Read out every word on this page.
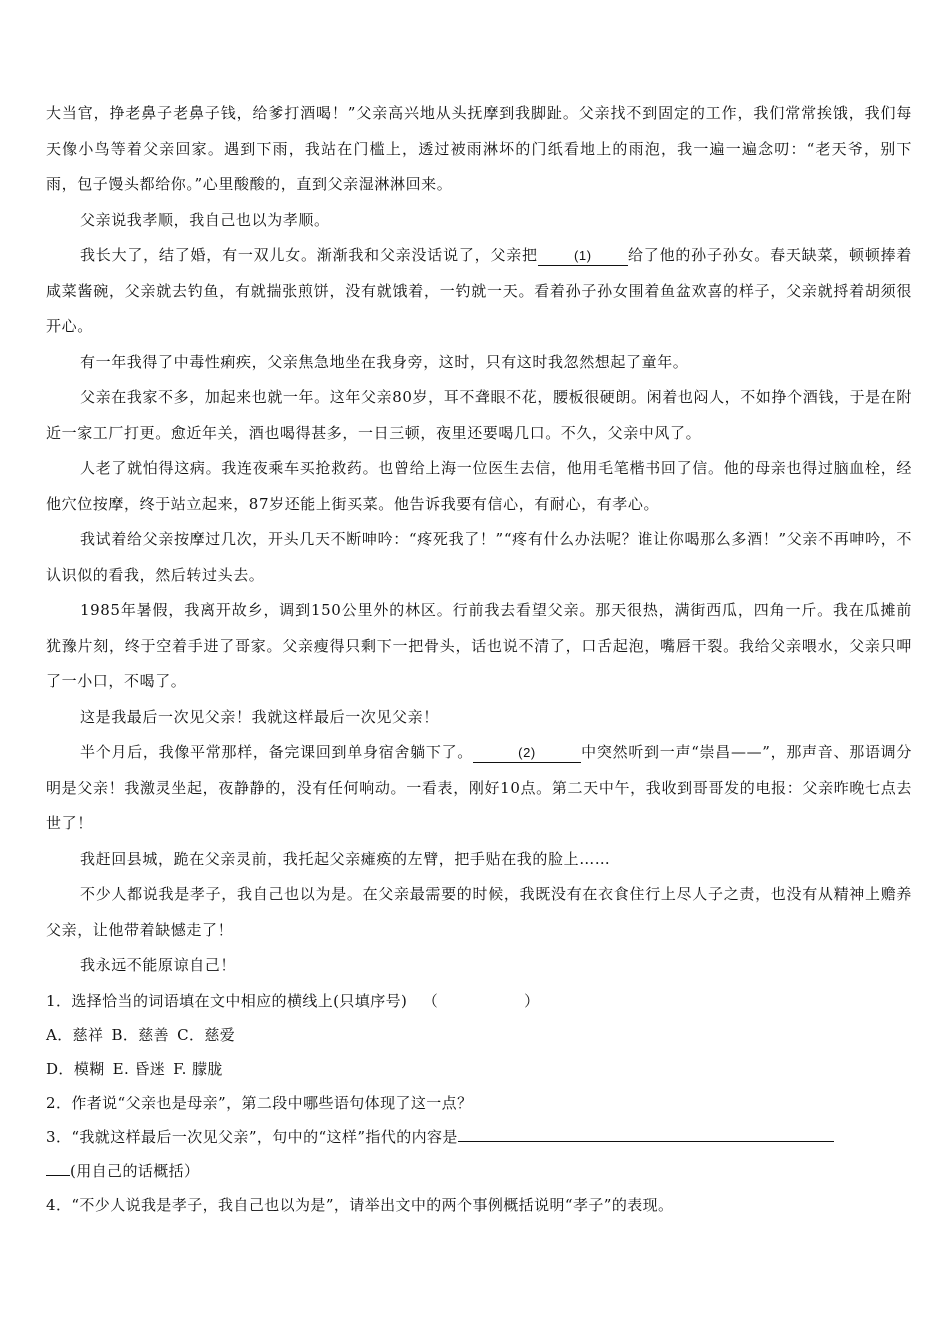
大当官，挣老鼻子老鼻子钱，给爹打酒喝！”父亲高兴地从头抚摩到我脚趾。父亲找不到固定的工作，我们常常挨饿，我们每天像小鸟等着父亲回家。遇到下雨，我站在门槛上，透过被雨淋坏的门纸看地上的雨泡，我一遍一遍念叨：“老天爷，别下雨，包子馒头都给你。”心里酸酸的，直到父亲湿淋淋回来。

父亲说我孝顺，我自己也以为孝顺。

我长大了，结了婚，有一双儿女。渐渐我和父亲没话说了，父亲把	(1) 给了他的孙子孙女。春天缺菜，顿顿捧着咸菜酱碗，父亲就去钓鱼，有就揣张煎饼，没有就饿着，一钓就一天。看着孙子孙女围着鱼盆欢喜的样子，父亲就捋着胡须很开心。

有一年我得了中毒性痢疾，父亲焦急地坐在我身旁，这时，只有这时我忽然想起了童年。

父亲在我家不多，加起来也就一年。这年父亲80岁，耳不聋眼不花，腰板很硬朗。闲着也闷人，不如挣个酒钱，于是在附近一家工厂打更。愈近年关，酒也喝得甚多，一日三顿，夜里还要喝几口。不久，父亲中风了。

人老了就怕得这病。我连夜乘车买抢救药。也曾给上海一位医生去信，他用毛笔楷书回了信。他的母亲也得过脑血栓，经他穴位按摩，终于站立起来，87岁还能上街买菜。他告诉我要有信心，有耐心，有孝心。

我试着给父亲按摩过几次，开头几天不断呻吟：“疼死我了！”“疼有什么办法呢？谁让你喝那么多酒！”父亲不再呻吟，不认识似的看我，然后转过头去。

1985年暑假，我离开故乡，调到150公里外的林区。行前我去看望父亲。那天很热，满街西瓜，四角一斤。我在瓜摊前犹豫片刻，终于空着手进了哥家。父亲瘦得只剩下一把骨头，话也说不清了，口舌起泡，嘴唇干裂。我给父亲喂水，父亲只呷了一小口，不喝了。

这是我最后一次见父亲！我就这样最后一次见父亲！

半个月后，我像平常那样，备完课回到单身宿舍躺下了。	(2)	中突然听到一声“崇昌——”，那声音、那语调分明是父亲！我激灵坐起，夜静静的，没有任何响动。一看表，刚好10点。第二天中午，我收到哥哥发的电报：父亲昨晚七点去世了！

我赶回县城，跪在父亲灵前，我托起父亲瘫痪的左臂，把手贴在我的脸上……

不少人都说我是孝子，我自己也以为是。在父亲最需要的时候，我既没有在衣食住行上尽人子之责，也没有从精神上赡养父亲，让他带着缺憾走了！

我永远不能原谅自己！

1．选择恰当的词语填在文中相应的横线上(只填序号) （	）

A．慈祥 B．慈善 C．慈爱

D．模糊 E. 昏迷 F. 朦胧

2．作者说“父亲也是母亲”，第二段中哪些语句体现了这一点？

3．“我就这样最后一次见父亲”，句中的“这样”指代的内容是

(用自己的话概括）

4．“不少人说我是孝子，我自己也以为是”，请举出文中的两个事例概括说明“孝子”的表现。
